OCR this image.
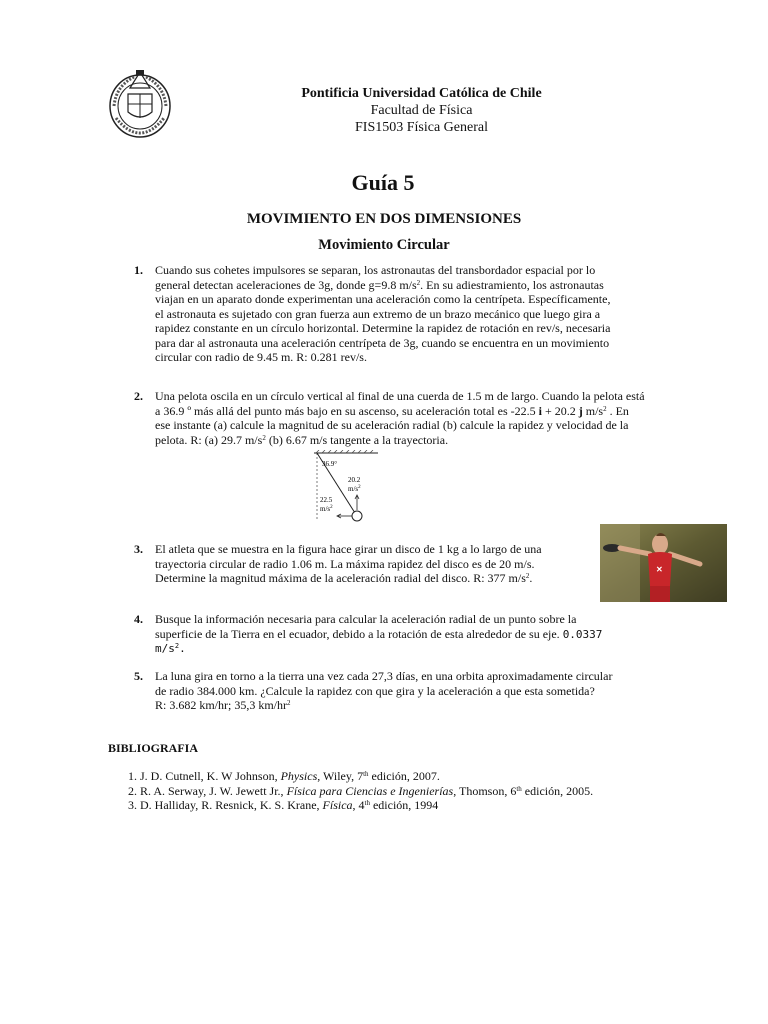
Pontificia Universidad Católica de Chile
Facultad de Física
FIS1503 Física General
Guía 5
MOVIMIENTO EN DOS DIMENSIONES
Movimiento Circular
1.	Cuando sus cohetes impulsores se separan, los astronautas del transbordador espacial por lo
general detectan aceleraciones de 3g, donde g=9.8 $m/s^2$. En su adiestramiento, los astronautas
viajan en un aparato donde experimentan una aceleración como la centrípeta. Específicamente,
el astronauta es sujetado con gran fuerza aun extremo de un brazo mecánico que luego gira a
rapidez constante en un círculo horizontal. Determine la rapidez de rotación en rev/s, necesaria
para dar al astronauta una aceleración centrípeta de 3g, cuando se encuentra en un movimiento
circular con radio de 9.45 m. R: 0.281 rev/s.
2.	Una pelota oscila en un círculo vertical al final de una cuerda de 1.5 m de largo. Cuando la pelota está
a 36.9 º más allá del punto más bajo en su ascenso, su aceleración total es -22.5 i + 20.2 j $m/s^2$ . En
ese instante (a) calcule la magnitud de su aceleración radial (b) calcule la rapidez y velocidad de la
pelota. R: (a) 29.7 $m/s^2$ (b) 6.67 m/s tangente a la trayectoria.
36.9°
20.2
$m/s^2$
22.5
$m/s^2$
3.	El atleta que se muestra en la figura hace girar un disco de 1 kg a lo largo de una
trayectoria circular de radio 1.06 m. La máxima rapidez del disco es de 20 m/s.
Determine la magnitud máxima de la aceleración radial del disco. R: 377 $m/s^2$.
✕
4.	Busque la información necesaria para calcular la aceleración radial de un punto sobre la
superficie de la Tierra en el ecuador, debido a la rotación de esta alrededor de su eje. 0.0337
$m/s^2$.
5.	La luna gira en torno a la tierra una vez cada 27,3 días, en una orbita aproximadamente circular
de radio 384.000 km. ¿Calcule la rapidez con que gira y la aceleración a que esta sometida?
R: 3.682 km/hr; 35,3 $km/hr^2$
BIBLIOGRAFIA
1. J. D. Cutnell, K. W Johnson, Physics, Wiley, 7th edición, 2007.
2. R. A. Serway, J. W. Jewett Jr., Física para Ciencias e Ingenierías, Thomson, 6th edición, 2005.
3. D. Halliday, R. Resnick, K. S. Krane, Física, 4th edición, 1994
